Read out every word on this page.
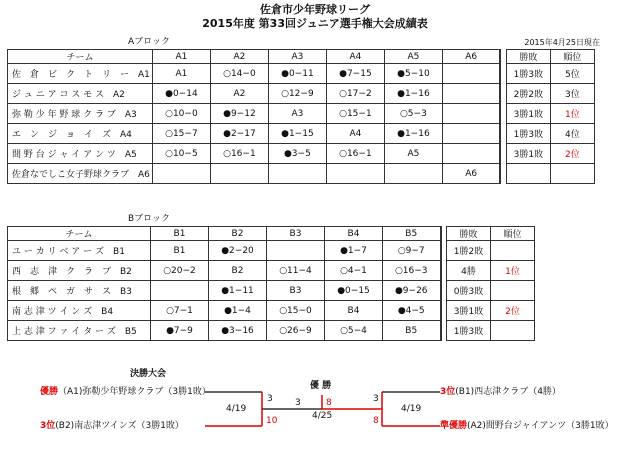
佐倉市少年野球リーグ
2015年度 第33回ジュニア選手権大会成績表
Aブロック	2015年4月25日現在
チーム	A1	A2	A3	A4	A5	A6		勝敗	順位
佐　倉　ビ　ク　ト　リ　ー　A1	A1	○14−0	●0−11	●7−15	●5−10			1勝3敗	5位
ジ ュ ニ ア コ ス モ ス　A2	●0−14	A2	○12−9	○17−2	●1−16			2勝2敗	3位
弥 勒 少 年 野 球 ク ラ ブ　A3	○10−0	●9−12	A3	○15−1	○5−3			3勝1敗	1位
エ　ン　ジ　ョ　イ　ズ　A4	○15−7	●2−17	●1−15	A4	●1−16			1勝3敗	4位
間 野 台 ジ ャ イ ア ン ツ　A5	○10−5	○16−1	●3−5	○16−1	A5			3勝1敗	2位
佐倉なでしこ女子野球クラブ　A6						A6			
Bブロック
チーム	B1	B2	B3	B4	B5		勝敗	順位
ユ ー カ リ ベ ア ー ズ　B1	B1	●2−20		●1−7	○9−7		1勝2敗	
西　志　津　ク　ラ　ブ　B2	○20−2	B2	○11−4	○4−1	○16−3		4勝	1位
根　郷　ペ　ガ　サ　ス　B3		●1−11	B3	●0−15	●9−26		0勝3敗	
南 志 津 ツ イ ン ズ　B4	○7−1	●1−4	○15−0	B4	●4−5		3勝1敗	2位
上 志 津 フ ァ イ タ ー ズ　B5	●7−9	●3−16	○26−9	○5−4	B5		1勝3敗	
決勝大会
優勝（A1)弥勒少年野球クラブ（3勝1敗）
3位(B2)南志津ツインズ（3勝1敗）
3位(B1)西志津クラブ（4勝）
準優勝(A2)間野台ジャイアンツ（3勝1敗）
4/19	4/19
優 勝
4/25
3
10
3	8	3
8
